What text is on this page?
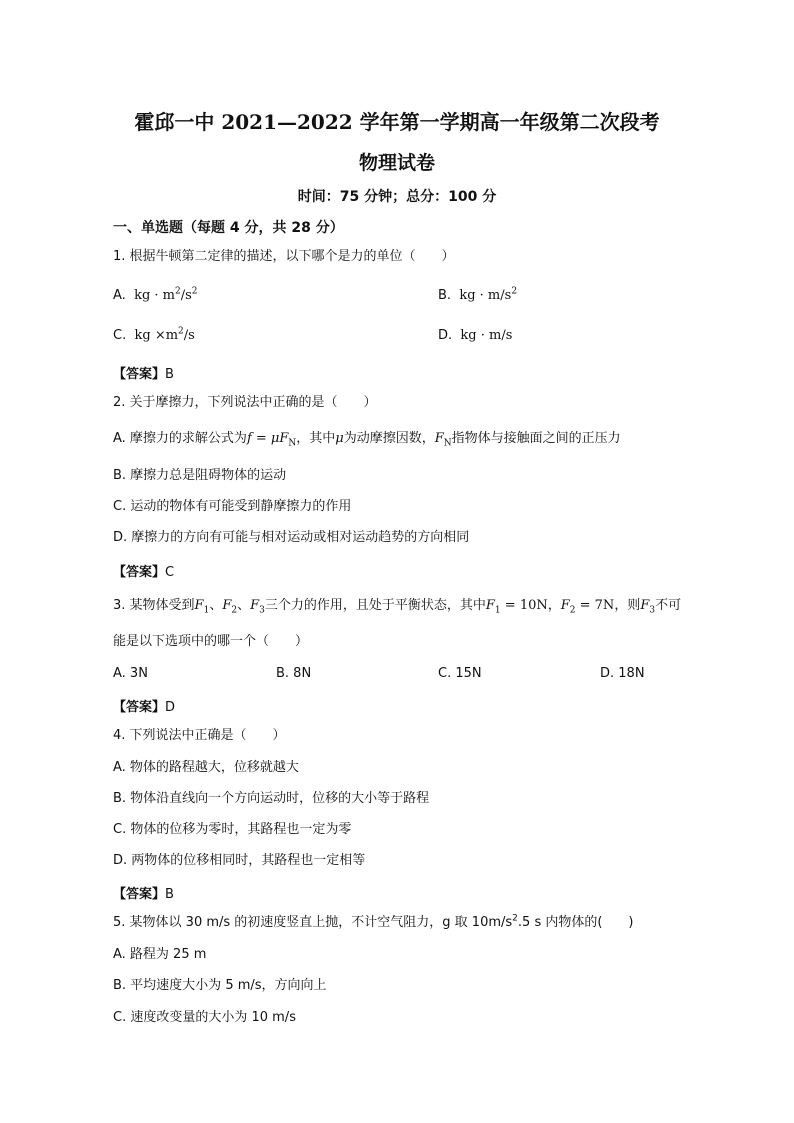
霍邱一中 2021—2022 学年第一学期高一年级第二次段考
物理试卷
时间：75 分钟；总分：100 分
一、单选题（每题 4 分，共 28 分）
1. 根据牛顿第二定律的描述，以下哪个是力的单位（　　）
A. kg · $m^2/s^2$	B. kg · $m/s^2$
C. kg $\times m^2/s$	D. kg · m/s
【答案】B
2. 关于摩擦力，下列说法中正确的是（　　）
A. 摩擦力的求解公式为$f = \mu F_N$，其中μ为动摩擦因数，$F_N$指物体与接触面之间的正压力
B. 摩擦力总是阻碍物体的运动
C. 运动的物体有可能受到静摩擦力的作用
D. 摩擦力的方向有可能与相对运动或相对运动趋势的方向相同
【答案】C
3. 某物体受到$F_1$、$F_2$、$F_3$三个力的作用，且处于平衡状态，其中$F_1 = 10N$，$F_2 = 7N$，则$F_3$不可
能是以下选项中的哪一个（　　）
A. 3N	B. 8N	C. 15N	D. 18N
【答案】D
4. 下列说法中正确是（　　）
A. 物体的路程越大，位移就越大
B. 物体沿直线向一个方向运动时，位移的大小等于路程
C. 物体的位移为零时，其路程也一定为零
D. 两物体的位移相同时，其路程也一定相等
【答案】B
5. 某物体以 30 m/s 的初速度竖直上抛，不计空气阻力，g 取 $10m/s^2.5$ s 内物体的(　　)
A. 路程为 25 m
B. 平均速度大小为 5 m/s，方向向上
C. 速度改变量的大小为 10 m/s
